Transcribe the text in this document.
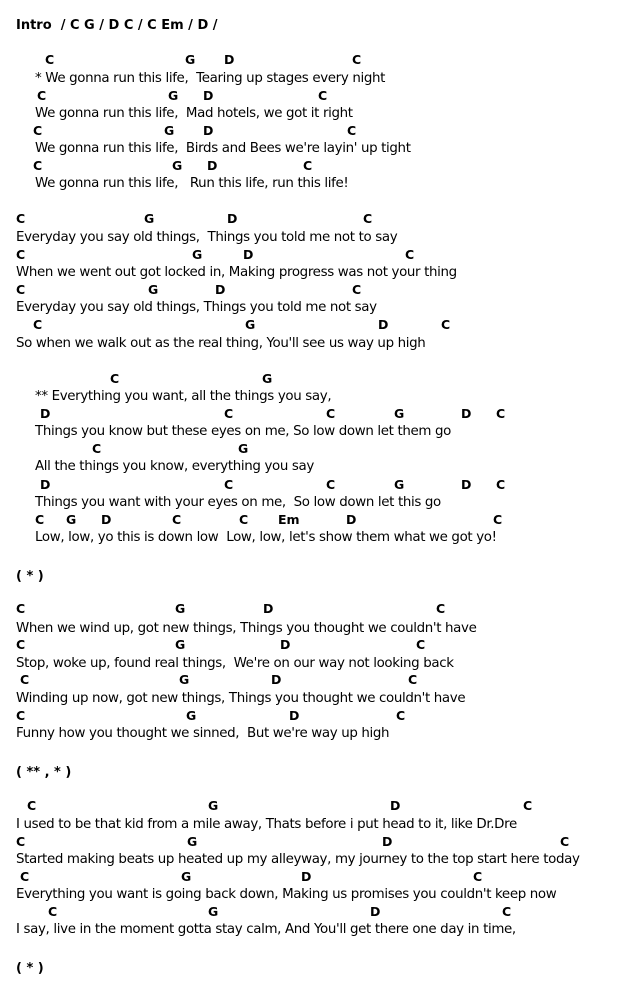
Intro  / C G / D C / C Em / D /
C	G D	C
* We gonna run this life,  Tearing up stages every night
C	G D	C
We gonna run this life,  Mad hotels, we got it right
C	G D	C
We gonna run this life,  Birds and Bees we're layin' up tight
C	G D	C
We gonna run this life,   Run this life, run this life!
C	G	D	C
Everyday you say old things,  Things you told me not to say
C	G	D	C
When we went out got locked in, Making progress was not your thing
C	G	D	C
Everyday you say old things, Things you told me not say
C	G	D	C
So when we walk out as the real thing, You'll see us way up high
C	G
** Everything you want, all the things you say,
D	C	C	G	D C
Things you know but these eyes on me, So low down let them go
C	G
All the things you know, everything you say
D	C	C	G	D C
Things you want with your eyes on me,  So low down let this go
C G D	C	C Em	D	C
Low, low, yo this is down low  Low, low, let's show them what we got yo!
C	G	D	C
When we wind up, got new things, Things you thought we couldn't have
C	G	D	C
Stop, woke up, found real things,  We're on our way not looking back
C	G	D	C
Winding up now, got new things, Things you thought we couldn't have
C	G	D	C
Funny how you thought we sinned,  But we're way up high
C	G	D	C
I used to be that kid from a mile away, Thats before i put head to it, like Dr.Dre
C	G	D	C
Started making beats up heated up my alleyway, my journey to the top start here today
C	G	D	C
Everything you want is going back down, Making us promises you couldn't keep now
C	G	D	C
I say, live in the moment gotta stay calm, And You'll get there one day in time,
( * )
( ** , * )
( * )
